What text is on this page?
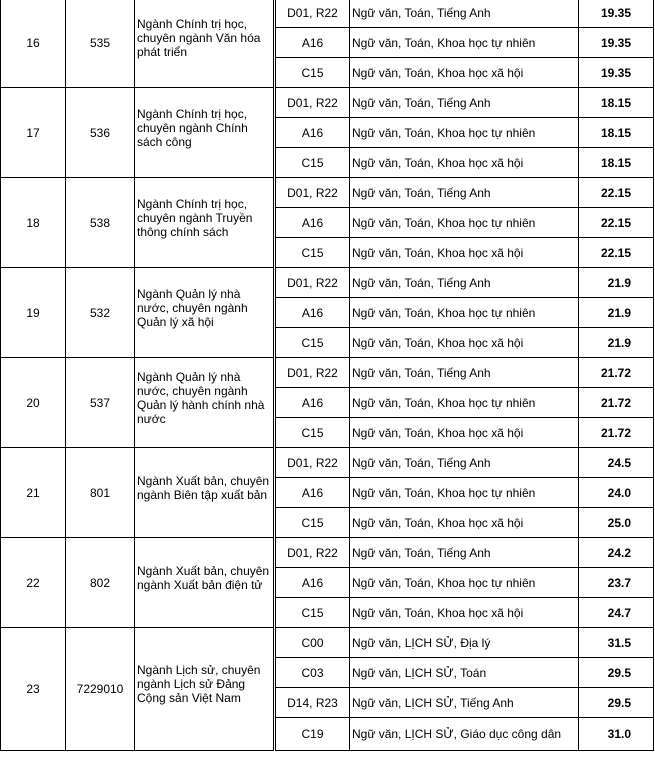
16	535	Ngành Chính trị học, chuyên ngành Văn hóa phát triển	D01, R22	Ngữ văn, Toán, Tiếng Anh	19.35
			A16	Ngữ văn, Toán, Khoa học tự nhiên	19.35
			C15	Ngữ văn, Toán, Khoa học xã hội	19.35
17	536	Ngành Chính trị học, chuyên ngành Chính sách công	D01, R22	Ngữ văn, Toán, Tiếng Anh	18.15
			A16	Ngữ văn, Toán, Khoa học tự nhiên	18.15
			C15	Ngữ văn, Toán, Khoa học xã hội	18.15
18	538	Ngành Chính trị học, chuyên ngành Truyền thông chính sách	D01, R22	Ngữ văn, Toán, Tiếng Anh	22.15
			A16	Ngữ văn, Toán, Khoa học tự nhiên	22.15
			C15	Ngữ văn, Toán, Khoa học xã hội	22.15
19	532	Ngành Quản lý nhà nước, chuyên ngành Quản lý xã hội	D01, R22	Ngữ văn, Toán, Tiếng Anh	21.9
			A16	Ngữ văn, Toán, Khoa học tự nhiên	21.9
			C15	Ngữ văn, Toán, Khoa học xã hội	21.9
20	537	Ngành Quản lý nhà nước, chuyên ngành Quản lý hành chính nhà nước	D01, R22	Ngữ văn, Toán, Tiếng Anh	21.72
			A16	Ngữ văn, Toán, Khoa học tự nhiên	21.72
			C15	Ngữ văn, Toán, Khoa học xã hội	21.72
21	801	Ngành Xuất bản, chuyên ngành Biên tập xuất bản	D01, R22	Ngữ văn, Toán, Tiếng Anh	24.5
			A16	Ngữ văn, Toán, Khoa học tự nhiên	24.0
			C15	Ngữ văn, Toán, Khoa học xã hội	25.0
22	802	Ngành Xuất bản, chuyên ngành Xuất bản điện tử	D01, R22	Ngữ văn, Toán, Tiếng Anh	24.2
			A16	Ngữ văn, Toán, Khoa học tự nhiên	23.7
			C15	Ngữ văn, Toán, Khoa học xã hội	24.7
23	7229010	Ngành Lịch sử, chuyên ngành Lịch sử Đảng Cộng sản Việt Nam	C00	Ngữ văn, LỊCH SỬ, Địa lý	31.5
			C03	Ngữ văn, LỊCH SỬ, Toán	29.5
			D14, R23	Ngữ văn, LỊCH SỬ, Tiếng Anh	29.5
			C19	Ngữ văn, LỊCH SỬ, Giáo dục công dân	31.0
